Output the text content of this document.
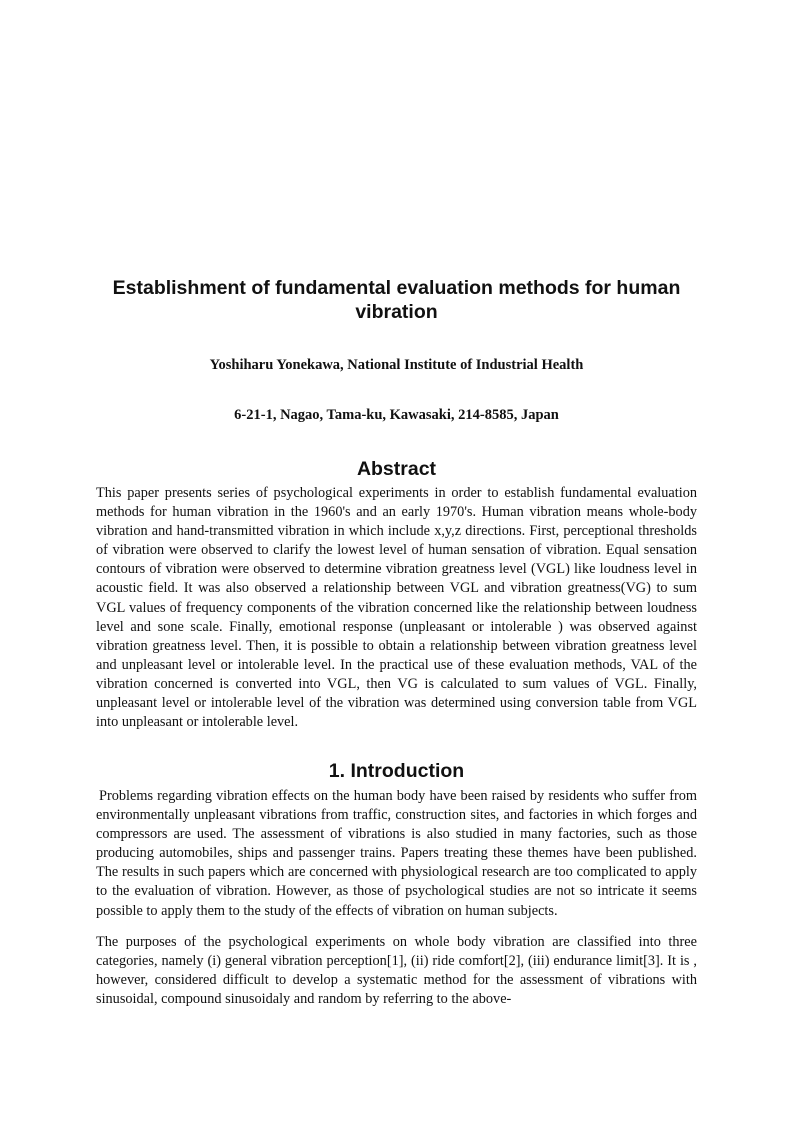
Establishment of fundamental evaluation methods for human vibration

Yoshiharu Yonekawa, National Institute of Industrial Health

6-21-1, Nagao, Tama-ku, Kawasaki, 214-8585, Japan

Abstract

This paper presents series of psychological experiments in order to establish fundamental evaluation methods for human vibration in the 1960's and an early 1970's. Human vibration means whole-body vibration and hand-transmitted vibration in which include x,y,z directions. First, perceptional thresholds of vibration were observed to clarify the lowest level of human sensation of vibration. Equal sensation contours of vibration were observed to determine vibration greatness level (VGL) like loudness level in acoustic field. It was also observed a relationship between VGL and vibration greatness(VG) to sum VGL values of frequency components of the vibration concerned like the relationship between loudness level and sone scale. Finally, emotional response (unpleasant or intolerable ) was observed against vibration greatness level. Then, it is possible to obtain a relationship between vibration greatness level and unpleasant level or intolerable level. In the practical use of these evaluation methods, VAL of the vibration concerned is converted into VGL, then VG is calculated to sum values of VGL. Finally, unpleasant level or intolerable level of the vibration was determined using conversion table from VGL into unpleasant or intolerable level.

1. Introduction

Problems regarding vibration effects on the human body have been raised by residents who suffer from environmentally unpleasant vibrations from traffic, construction sites, and factories in which forges and compressors are used. The assessment of vibrations is also studied in many factories, such as those producing automobiles, ships and passenger trains. Papers treating these themes have been published. The results in such papers which are concerned with physiological research are too complicated to apply to the evaluation of vibration. However, as those of psychological studies are not so intricate it seems possible to apply them to the study of the effects of vibration on human subjects.

The purposes of the psychological experiments on whole body vibration are classified into three categories, namely (i) general vibration perception[1], (ii) ride comfort[2], (iii) endurance limit[3]. It is , however, considered difficult to develop a systematic method for the assessment of vibrations with sinusoidal, compound sinusoidaly and random by referring to the above-
